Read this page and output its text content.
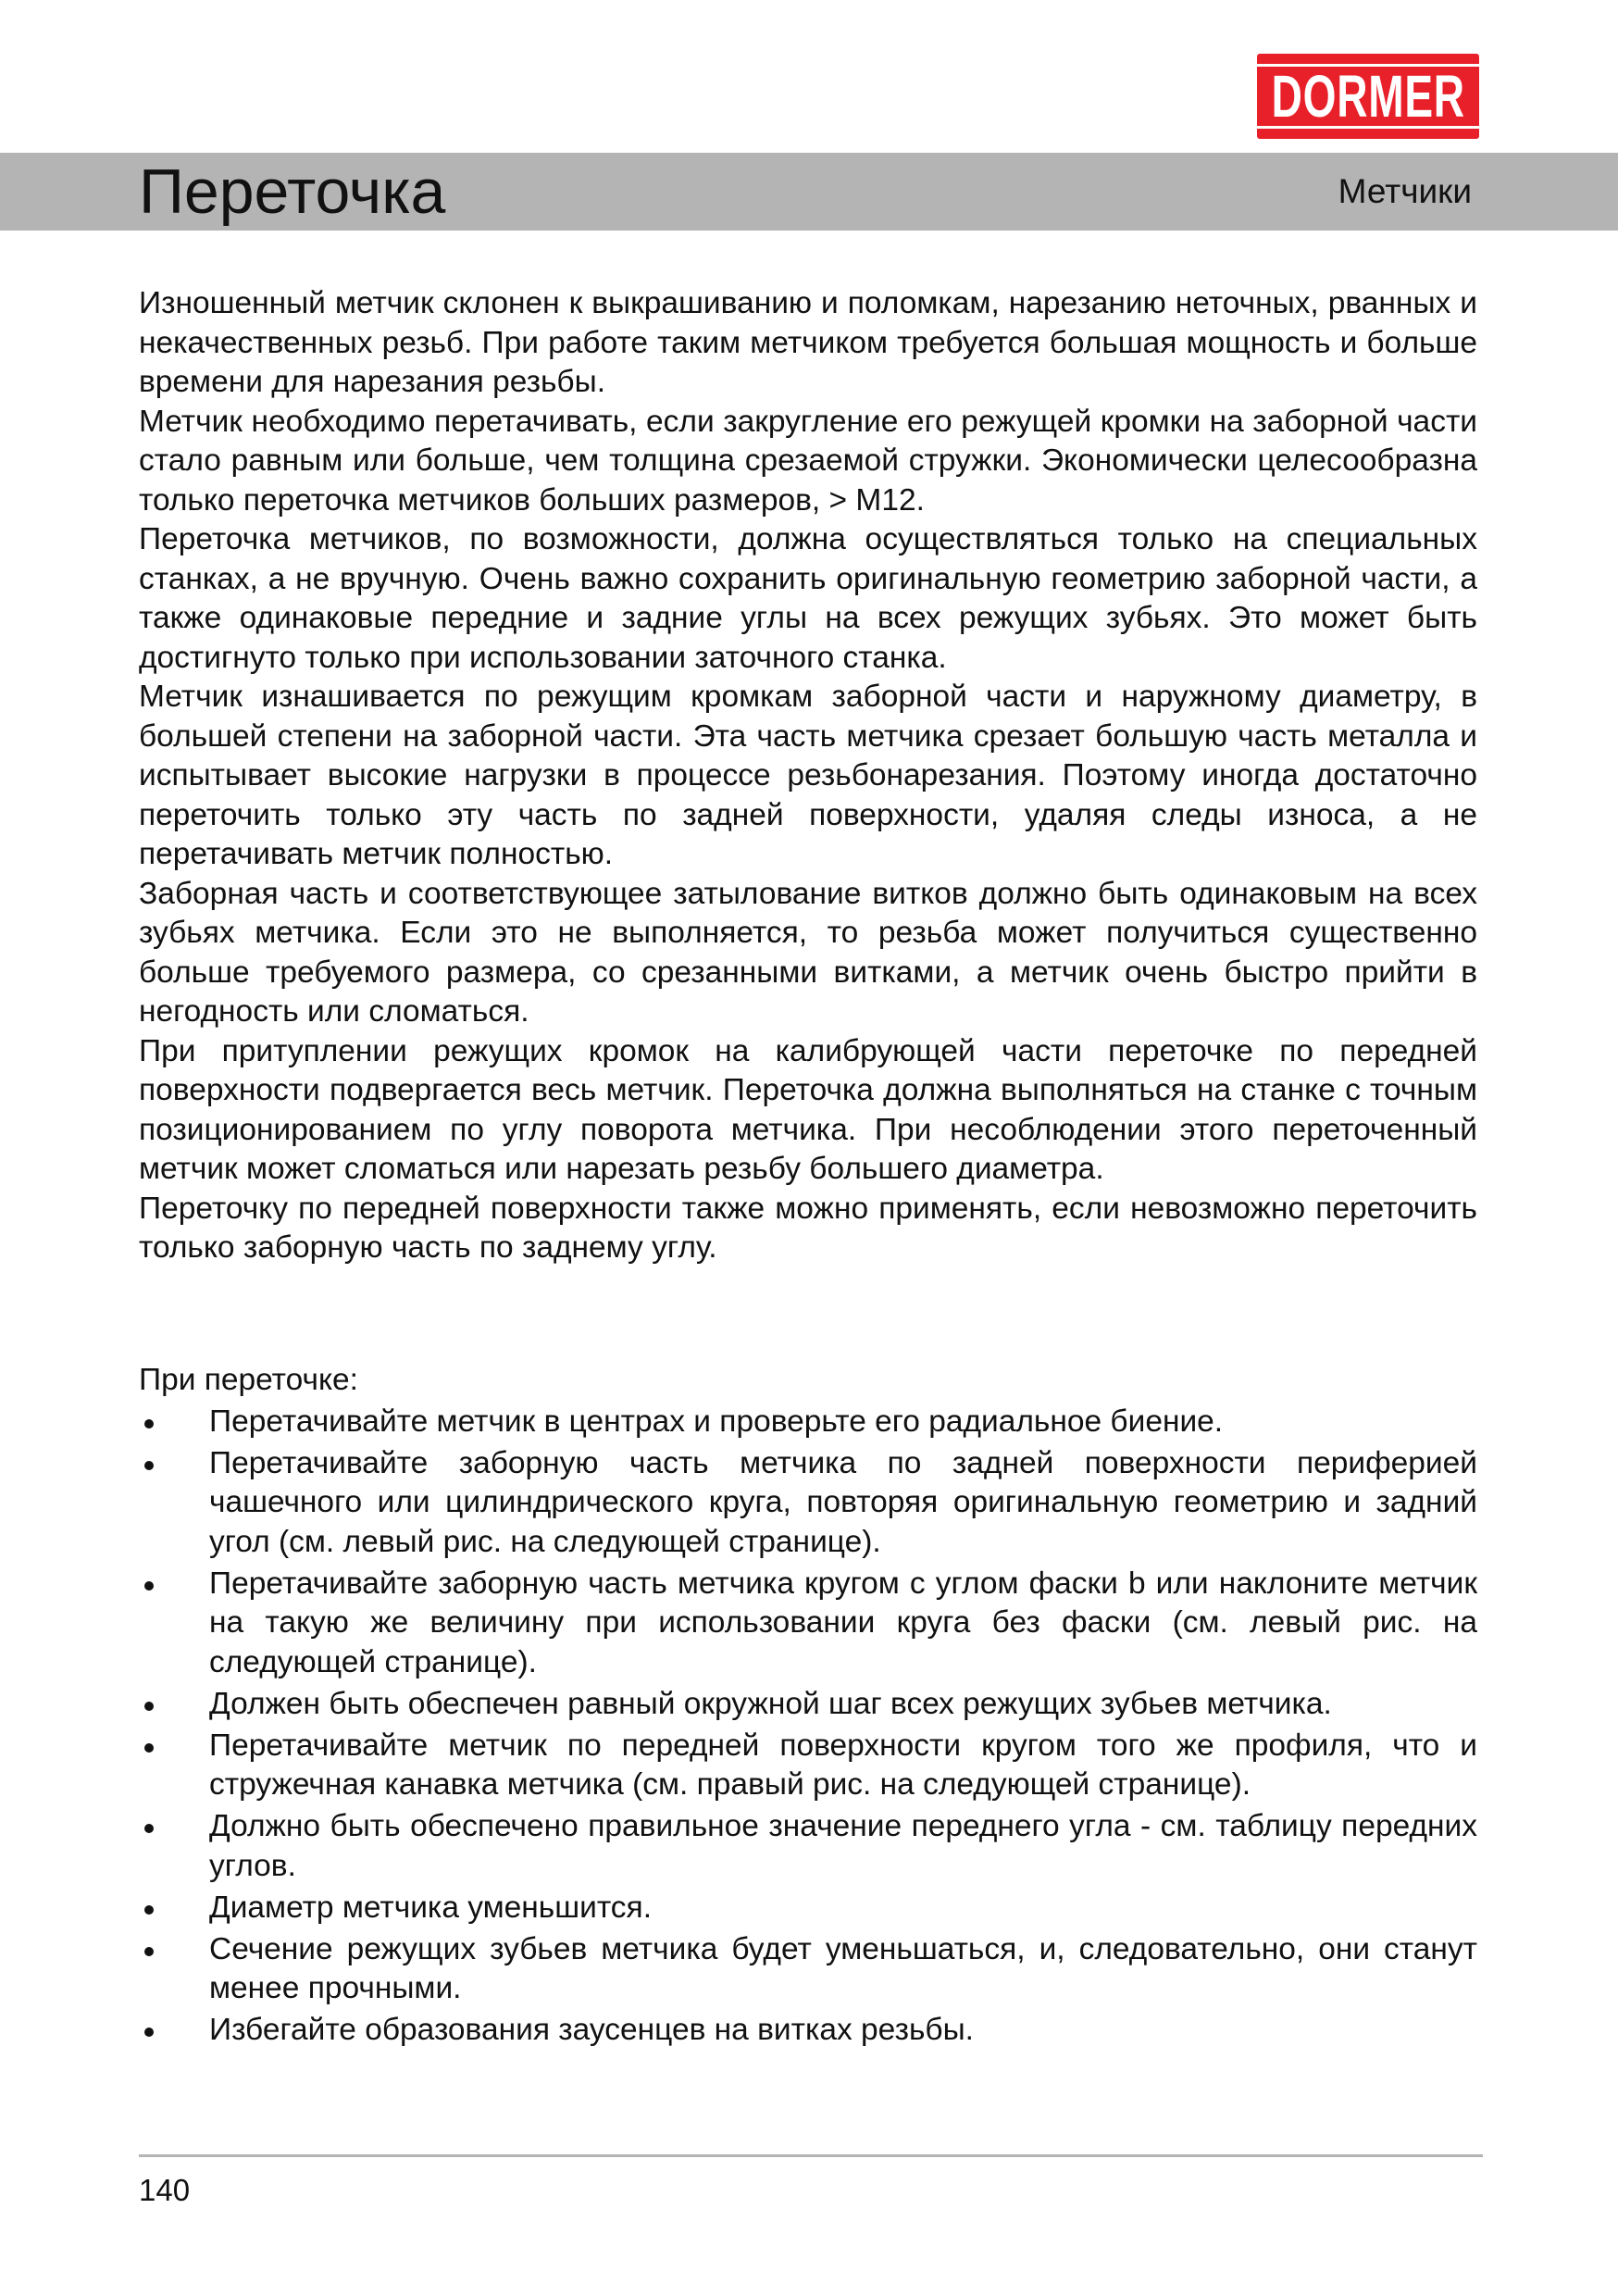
DORMER
Переточка	Метчики

Изношенный метчик склонен к выкрашиванию и поломкам, нарезанию неточных, рванных и некачественных резьб. При работе таким метчиком требуется большая мощность и больше времени для нарезания резьбы.

Метчик необходимо перетачивать, если закругление его режущей кромки на заборной части стало равным или больше, чем толщина срезаемой стружки. Экономически целесообразна только переточка метчиков больших размеров, > M12.

Переточка метчиков, по возможности, должна осуществляться только на специальных станках, а не вручную. Очень важно сохранить оригинальную геометрию заборной части, а также одинаковые передние и задние углы на всех режущих зубьях. Это может быть достигнуто только при использовании заточного станка.

Метчик изнашивается по режущим кромкам заборной части и наружному диаметру, в большей степени на заборной части. Эта часть метчика срезает большую часть металла и испытывает высокие нагрузки в процессе резьбонарезания. Поэтому иногда достаточно переточить только эту часть по задней поверхности, удаляя следы износа, а не перетачивать метчик полностью.

Заборная часть и соответствующее затылование витков должно быть одинаковым на всех зубьях метчика. Если это не выполняется, то резьба может получиться существенно больше требуемого размера, со срезанными витками, а метчик очень быстро прийти в негодность или сломаться.

При притуплении режущих кромок на калибрующей части переточке по передней поверхности подвергается весь метчик. Переточка должна выполняться на станке с точным позиционированием по углу поворота метчика. При несоблюдении этого переточенный метчик может сломаться или нарезать резьбу большего диаметра.

Переточку по передней поверхности также можно применять, если невозможно переточить только заборную часть по заднему углу.

При переточке:

Перетачивайте метчик в центрах и проверьте его радиальное биение.
Перетачивайте заборную часть метчика по задней поверхности периферией чашечного или цилиндрического круга, повторяя оригинальную геометрию и задний угол (см. левый рис. на следующей странице).
Перетачивайте заборную часть метчика кругом с углом фаски b или наклоните метчик на такую же величину при использовании круга без фаски (см. левый рис. на следующей странице).
Должен быть обеспечен равный окружной шаг всех режущих зубьев метчика.
Перетачивайте метчик по передней поверхности кругом того же профиля, что и стружечная канавка метчика (см. правый рис. на следующей странице).
Должно быть обеспечено правильное значение переднего угла - см. таблицу передних углов.
Диаметр метчика уменьшится.
Сечение режущих зубьев метчика будет уменьшаться, и, следовательно, они станут менее прочными.
Избегайте образования заусенцев на витках резьбы.
140
